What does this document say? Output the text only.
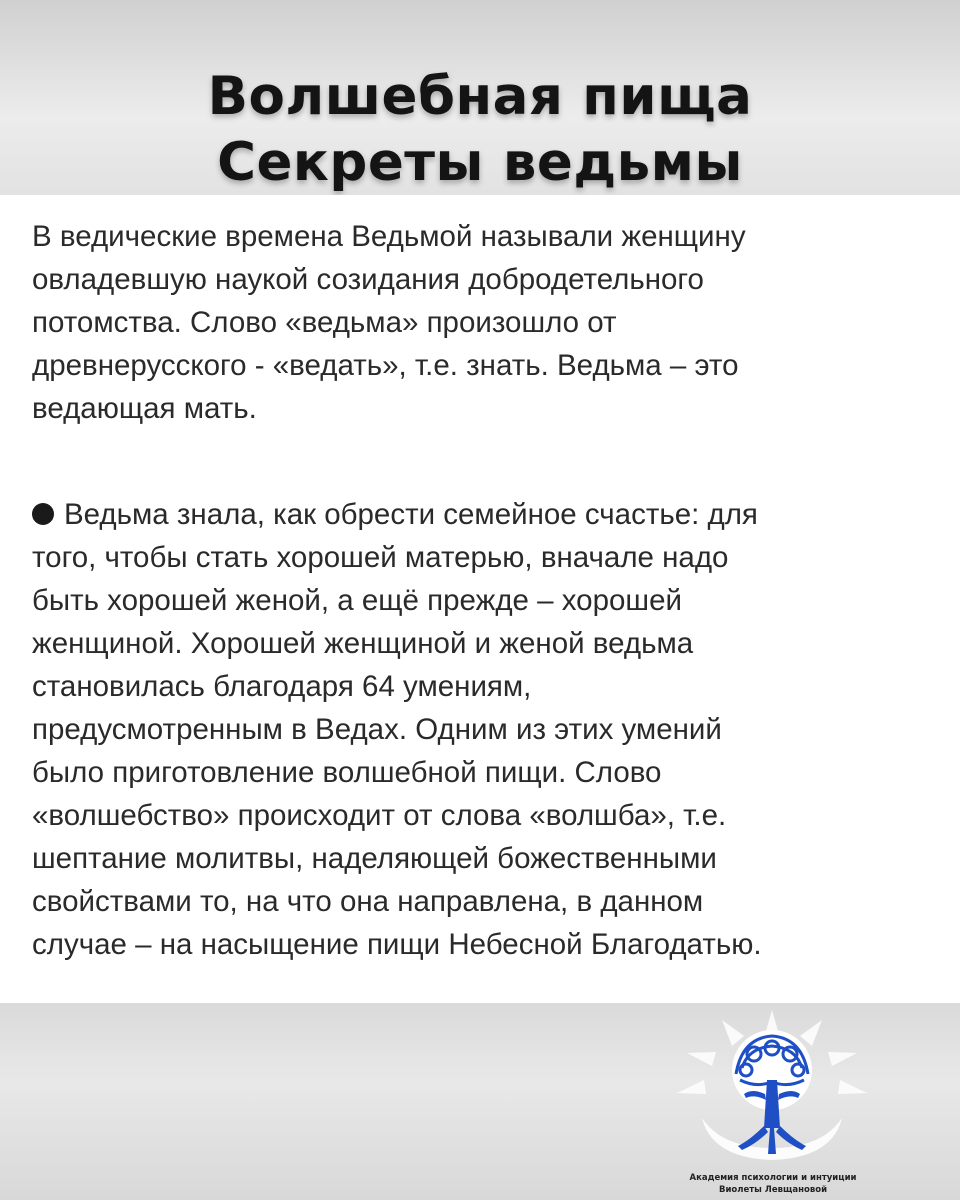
Волшебная пища
Секреты ведьмы

В ведические времена Ведьмой называли женщину
овладевшую наукой созидания добродетельного
потомства. Слово «ведьма» произошло от
древнерусского - «ведать», т.е. знать. Ведьма – это
ведающая мать.

Ведьма знала, как обрести семейное счастье: для
того, чтобы стать хорошей матерью, вначале надо
быть хорошей женой, а ещё прежде – хорошей
женщиной. Хорошей женщиной и женой ведьма
становилась благодаря 64 умениям,
предусмотренным в Ведах. Одним из этих умений
было приготовление волшебной пищи. Слово
«волшебство» происходит от слова «волшба», т.е.
шептание молитвы, наделяющей божественными
свойствами то, на что она направлена, в данном
случае – на насыщение пищи Небесной Благодатью.

Академия психологии и интуиции
Виолеты Левщановой
